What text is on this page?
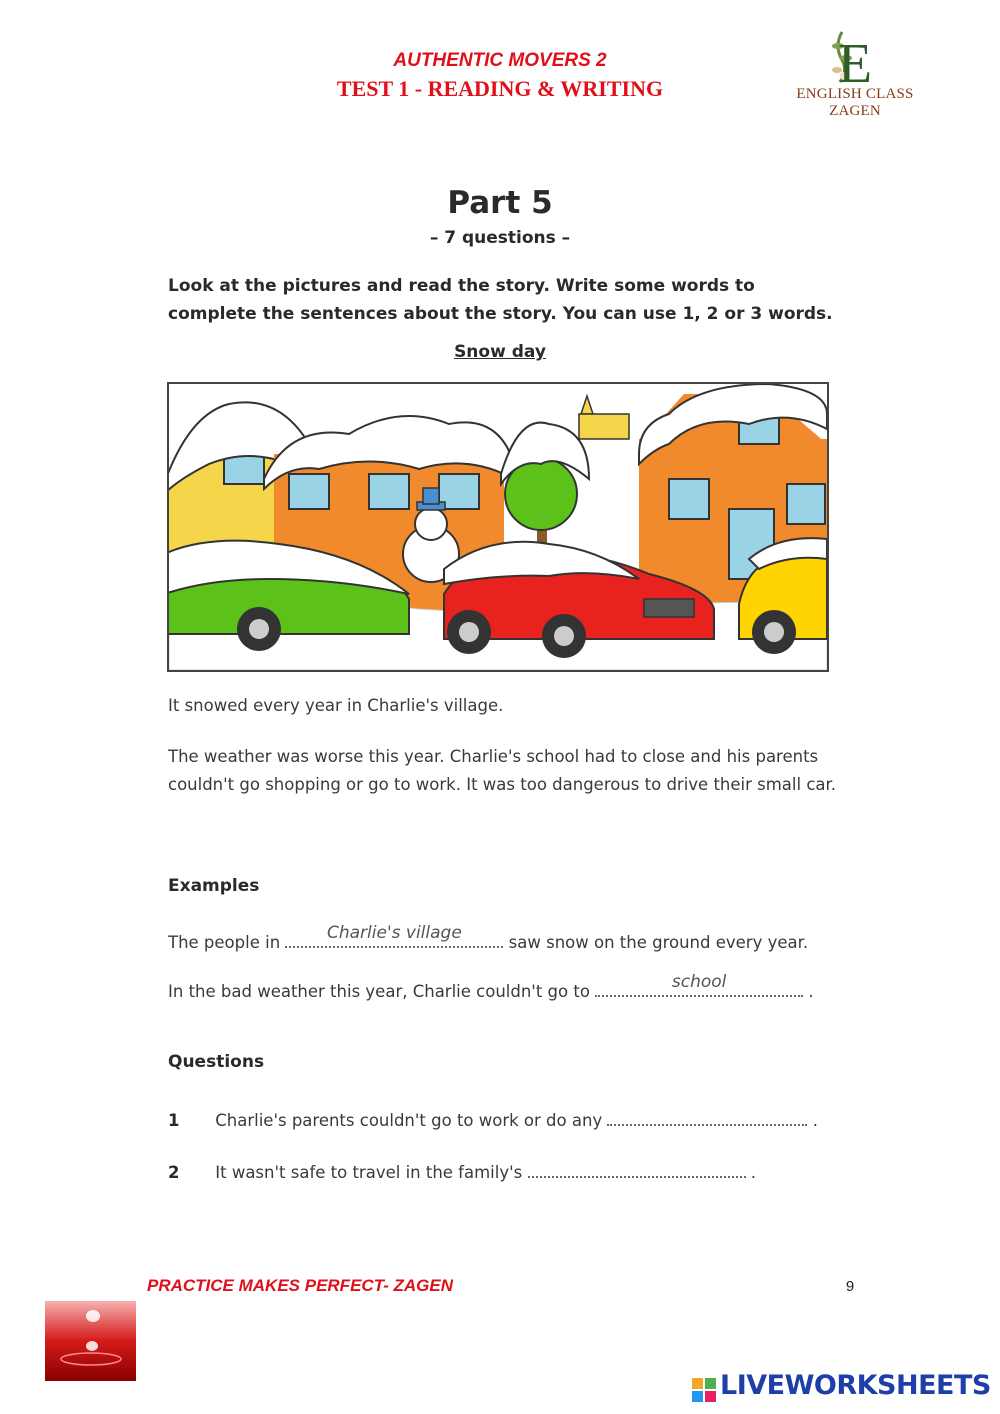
AUTHENTIC MOVERS 2
TEST 1 - READING & WRITING	E
ENGLISH CLASS ZAGEN
Part 5
– 7 questions –
Look at the pictures and read the story. Write some words to complete the sentences about the story. You can use 1, 2 or 3 words.
Snow day
It snowed every year in Charlie's village.
The weather was worse this year. Charlie's school had to close and his parents couldn't go shopping or go to work. It was too dangerous to drive their small car.
Examples
The people in	Charlie's village	saw snow on the ground every year.
In the bad weather this year, Charlie couldn't go to	school	.
Questions
1 Charlie's parents couldn't go to work or do any	.
2 It wasn't safe to travel in the family's	.
PRACTICE MAKES PERFECT- ZAGEN	9
LIVEWORKSHEETS
